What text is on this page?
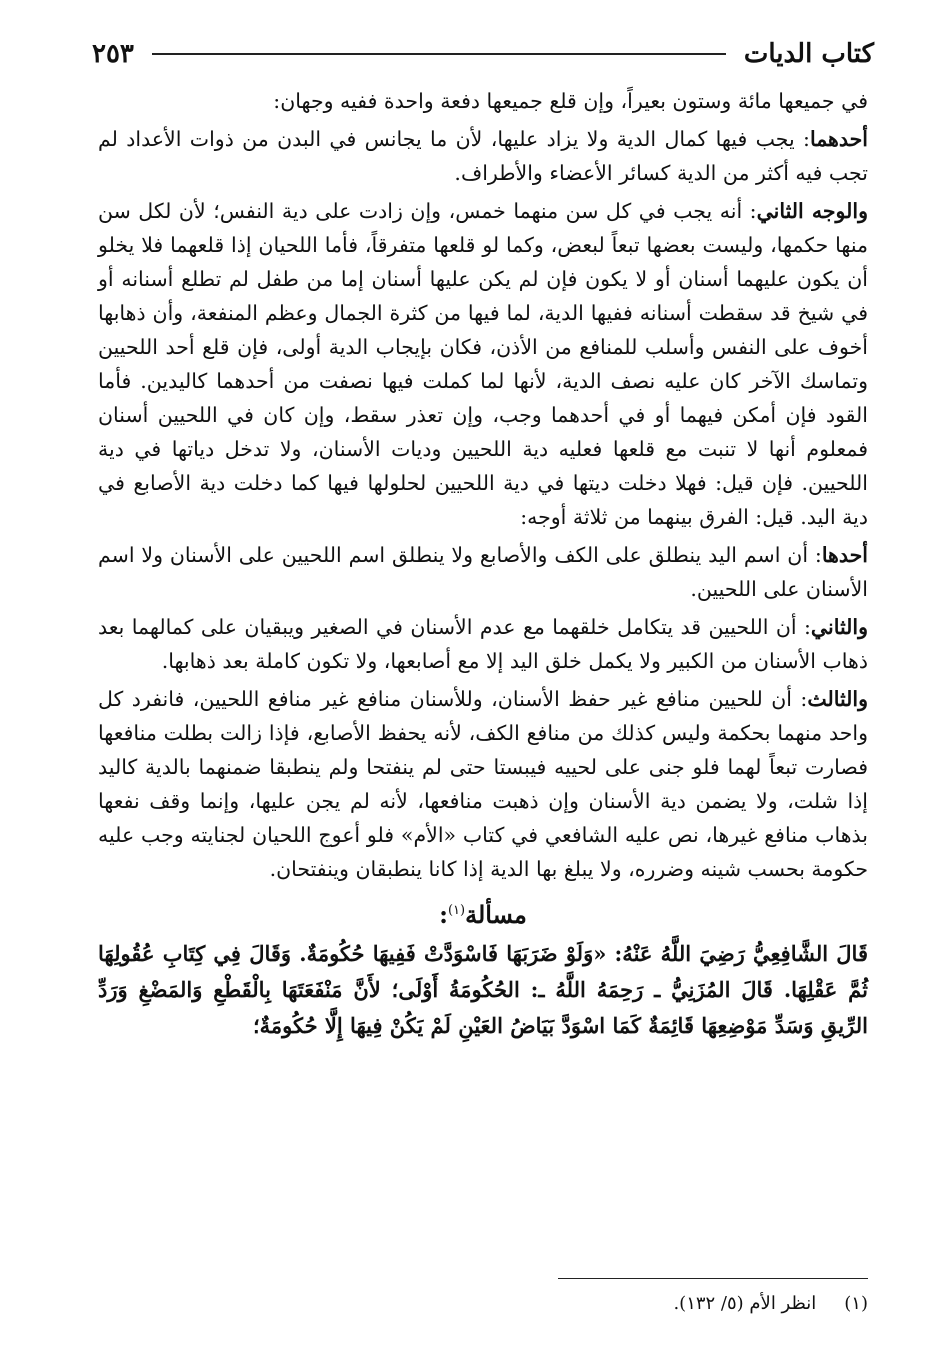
كتاب الديات
٢٥٣

في جميعها مائة وستون بعيراً، وإن قلع جميعها دفعة واحدة ففيه وجهان:

أحدهما: يجب فيها كمال الدية ولا يزاد عليها، لأن ما يجانس في البدن من ذوات الأعداد لم تجب فيه أكثر من الدية كسائر الأعضاء والأطراف.

والوجه الثاني: أنه يجب في كل سن منهما خمس، وإن زادت على دية النفس؛ لأن لكل سن منها حكمها، وليست بعضها تبعاً لبعض، وكما لو قلعها متفرقاً، فأما اللحيان إذا قلعهما فلا يخلو أن يكون عليهما أسنان أو لا يكون فإن لم يكن عليها أسنان إما من طفل لم تطلع أسنانه أو في شيخ قد سقطت أسنانه ففيها الدية، لما فيها من كثرة الجمال وعظم المنفعة، وأن ذهابها أخوف على النفس وأسلب للمنافع من الأذن، فكان بإيجاب الدية أولى، فإن قلع أحد اللحيين وتماسك الآخر كان عليه نصف الدية، لأنها لما كملت فيها نصفت من أحدهما كاليدين. فأما القود فإن أمكن فيهما أو في أحدهما وجب، وإن تعذر سقط، وإن كان في اللحيين أسنان فمعلوم أنها لا تنبت مع قلعها فعليه دية اللحيين وديات الأسنان، ولا تدخل دياتها في دية اللحيين. فإن قيل: فهلا دخلت ديتها في دية اللحيين لحلولها فيها كما دخلت دية الأصابع في دية اليد. قيل: الفرق بينهما من ثلاثة أوجه:

أحدها: أن اسم اليد ينطلق على الكف والأصابع ولا ينطلق اسم اللحيين على الأسنان ولا اسم الأسنان على اللحيين.

والثاني: أن اللحيين قد يتكامل خلقهما مع عدم الأسنان في الصغير ويبقيان على كمالهما بعد ذهاب الأسنان من الكبير ولا يكمل خلق اليد إلا مع أصابعها، ولا تكون كاملة بعد ذهابها.

والثالث: أن للحيين منافع غير حفظ الأسنان، وللأسنان منافع غير منافع اللحيين، فانفرد كل واحد منهما بحكمة وليس كذلك من منافع الكف، لأنه يحفظ الأصابع، فإذا زالت بطلت منافعها فصارت تبعاً لهما فلو جنى على لحييه فيبستا حتى لم ينفتحا ولم ينطبقا ضمنهما بالدية كاليد إذا شلت، ولا يضمن دية الأسنان وإن ذهبت منافعها، لأنه لم يجن عليها، وإنما وقف نفعها بذهاب منافع غيرها، نص عليه الشافعي في كتاب «الأم» فلو أعوج اللحيان لجنايته وجب عليه حكومة بحسب شينه وضرره، ولا يبلغ بها الدية إذا كانا ينطبقان وينفتحان.

مسألة$^{(١)}$:

قَالَ الشَّافِعِيُّ رَضِيَ اللَّهُ عَنْهُ: «وَلَوْ ضَرَبَهَا فَاسْوَدَّتْ فَفِيهَا حُكُومَةٌ. وَقَالَ فِي كِتَابِ عُقُولِهَا ثُمَّ عَقْلِهَا. قَالَ المُزَنِيُّ ـ رَحِمَهُ اللَّهُ ـ: الحُكُومَةُ أَوْلَى؛ لأَنَّ مَنْفَعَتَهَا بِالْقَطْعِ وَالمَضْغِ وَرَدِّ الرِّيقِ وَسَدِّ مَوْضِعِهَا قَائِمَةٌ كَمَا اسْوَدَّ بَيَاضُ العَيْنِ لَمْ يَكُنْ فِيهَا إِلَّا حُكُومَةٌ؛

(١)انظر الأم (٥/ ١٣٢).
